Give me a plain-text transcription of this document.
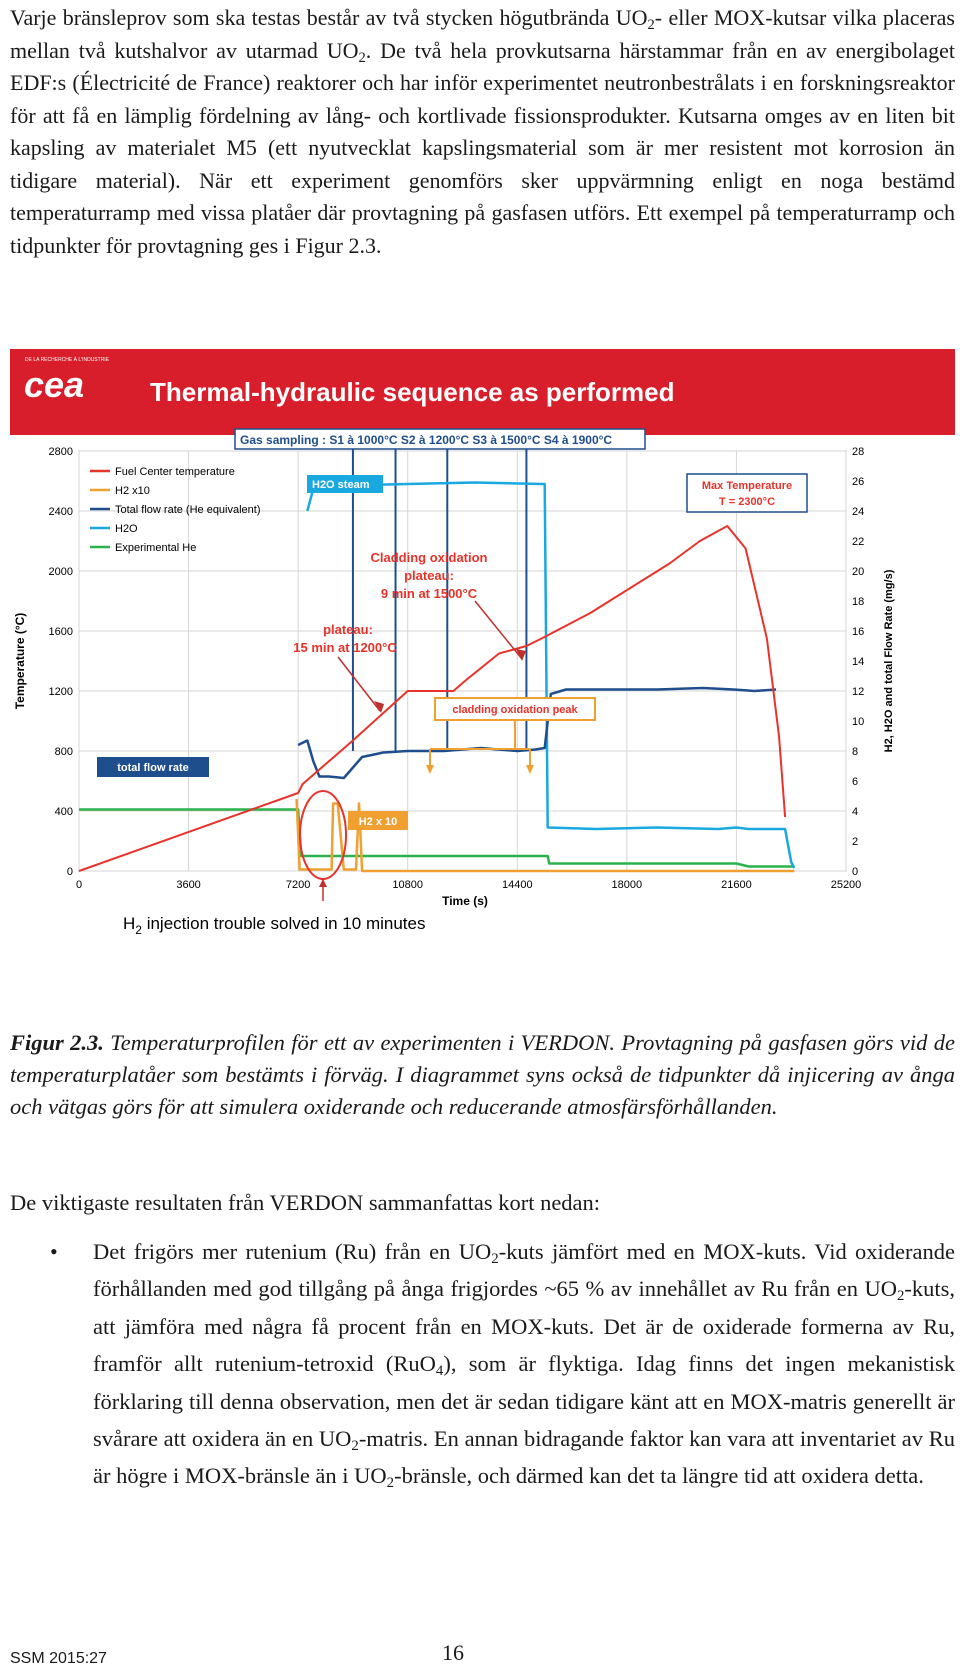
Varje bränsleprov som ska testas består av två stycken högutbrända $UO_2-$ eller MOX-kutsar vilka placeras mellan två kutshalvor av utarmad $UO_2$. De två hela provkutsarna härstammar från en av energibolaget EDF:s (Électricité de France) reaktorer och har inför experimentet neutronbestrålats i en forskningsreaktor för att få en lämplig fördelning av lång- och kortlivade fissionsprodukter. Kutsarna omges av en liten bit kapsling av materialet M5 (ett nyutvecklat kapslingsmaterial som är mer resistent mot korrosion än tidigare material). När ett experiment genomförs sker uppvärmning enligt en noga bestämd temperaturramp med vissa platåer där provtagning på gasfasen utförs. Ett exempel på temperaturramp och tidpunkter för provtagning ges i Figur 2.3.

DE LA RECHERCHE À L'INDUSTRIE
cea	Thermal-hydraulic sequence as performed
Gas sampling : S1 à 1000°C S2 à 1200°C S3 à 1500°C S4 à 1900°C
0	3600	7200	10800	14400	18000	21600	25200
0
400
800
1200
1600
2000
2400
2800
0
2
4
6
8
10
12
14
16
18
20
22
24
26
28
Time (s)
Temperature (°C)	H2, H2O and total Flow Rate (mg/s)
Fuel Center temperature
H2 x10
Total flow rate (He equivalent)
H2O
Experimental He
H2O steam	Max Temperature
T = 2300°C
Cladding oxidation
plateau:
9 min at 1500°C
plateau:
15 min at 1200°C
cladding oxidation peak
total flow rate
H2 x 10
$H_2$ injection trouble solved in 10 minutes

Figur 2.3. Temperaturprofilen för ett av experimenten i VERDON. Provtagning på gasfasen görs vid de temperaturplatåer som bestämts i förväg. I diagrammet syns också de tidpunkter då injicering av ånga och vätgas görs för att simulera oxiderande och reducerande atmosfärsförhållanden.

De viktigaste resultaten från VERDON sammanfattas kort nedan:

• Det frigörs mer rutenium (Ru) från en $UO_2$-kuts jämfört med en MOX-kuts. Vid oxiderande förhållanden med god tillgång på ånga frigjordes ~65 % av innehållet av Ru från en $UO_2$-kuts, att jämföra med några få procent från en MOX-kuts. Det är de oxiderade formerna av Ru, framför allt rutenium-tetroxid (RuO$_4$), som är flyktiga. Idag finns det ingen mekanistisk förklaring till denna observation, men det är sedan tidigare känt att en MOX-matris generellt är svårare att oxidera än en $UO_2$-matris. En annan bidragande faktor kan vara att inventariet av Ru är högre i MOX-bränsle än i $UO_2$-bränsle, och därmed kan det ta längre tid att oxidera detta.

SSM 2015:27	16
